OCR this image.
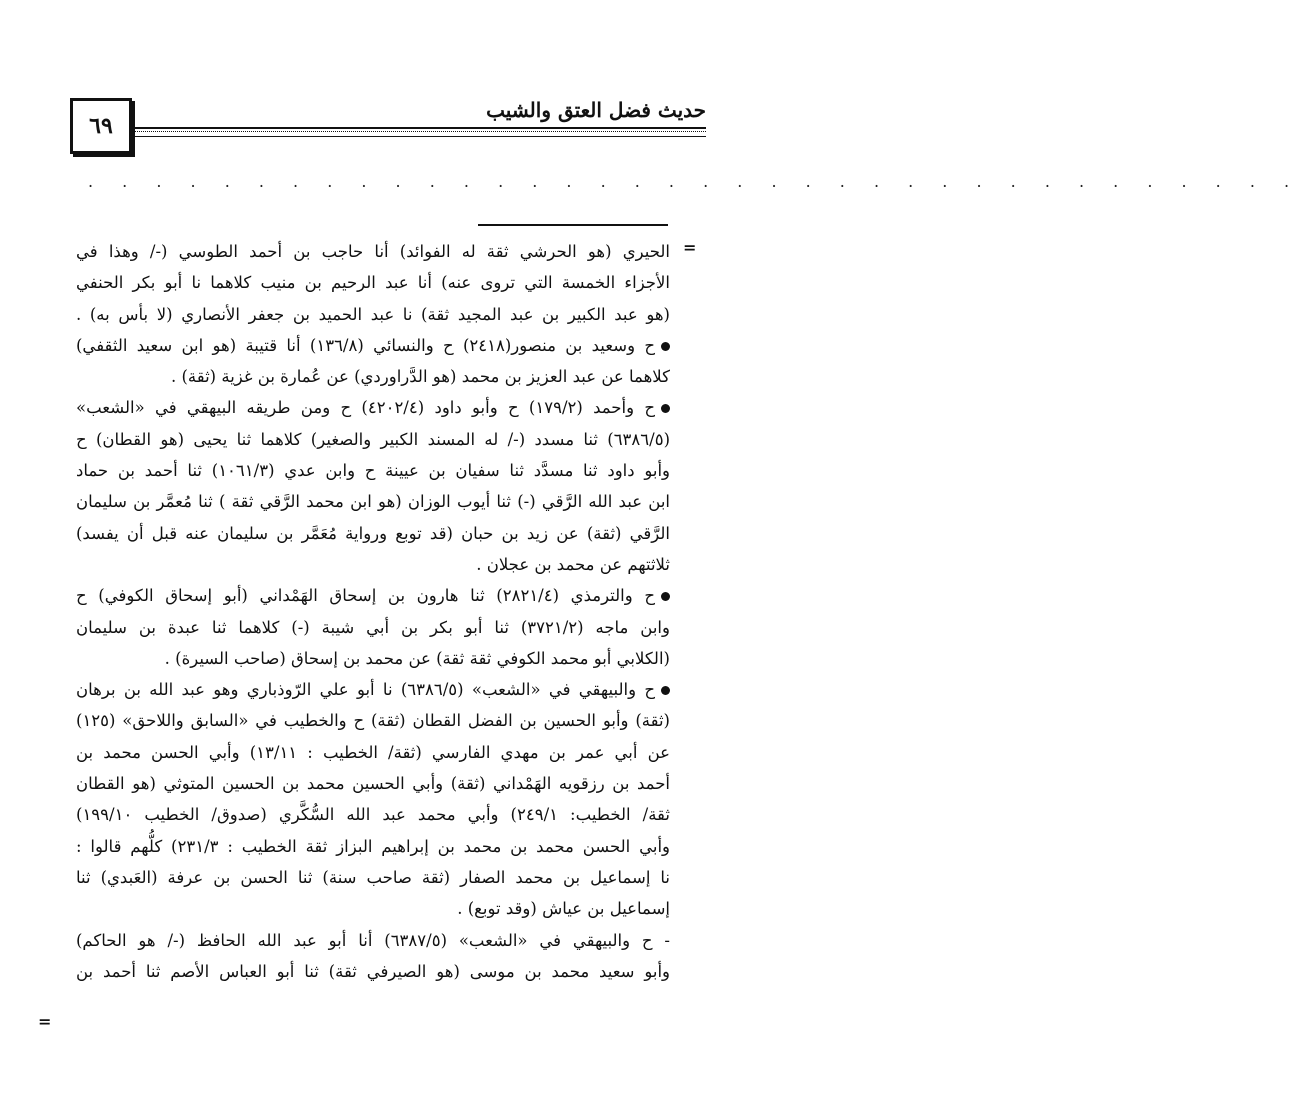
حديث فضل العتق والشيب
٦٩
. . . . . . . . . . . . . . . . . . . . . . . . . . . . . . . . . . . .
=
=
الحيري (هو الحرشي ثقة له الفوائد) أنا حاجب بن أحمد الطوسي (-/ وهذا في
الأجزاء الخمسة التي تروى عنه) أنا عبد الرحيم بن منيب كلاهما نا أبو بكر الحنفي
(هو عبد الكبير بن عبد المجيد ثقة) نا عبد الحميد بن جعفر الأنصاري (لا بأس به) .
ح وسعيد بن منصور(٢٤١٨) ح والنسائي (١٣٦/٨) أنا قتيبة (هو ابن سعيد الثقفي)
كلاهما عن عبد العزيز بن محمد (هو الدَّراوردي) عن عُمارة بن غزية (ثقة) .
ح وأحمد (١٧٩/٢) ح وأبو داود (٤٢٠٢/٤) ح ومن طريقه البيهقي في «الشعب»
(٦٣٨٦/٥) ثنا مسدد (-/ له المسند الكبير والصغير) كلاهما ثنا يحيى (هو القطان) ح
وأبو داود ثنا مسدَّد ثنا سفيان بن عيينة ح وابن عدي (١٠٦١/٣) ثنا أحمد بن حماد
ابن عبد الله الرَّقي (-) ثنا أيوب الوزان (هو ابن محمد الرَّقي ثقة ) ثنا مُعمَّر بن سليمان
الرَّقي (ثقة) عن زيد بن حبان (قد توبع ورواية مُعَمَّر بن سليمان عنه قبل أن يفسد)
ثلاثتهم عن محمد بن عجلان .
ح والترمذي (٢٨٢١/٤) ثنا هارون بن إسحاق الهَمْداني (أبو إسحاق الكوفي) ح
وابن ماجه (٣٧٢١/٢) ثنا أبو بكر بن أبي شيبة (-) كلاهما ثنا عبدة بن سليمان
(الكلابي أبو محمد الكوفي ثقة ثقة) عن محمد بن إسحاق (صاحب السيرة) .
ح والبيهقي في «الشعب» (٦٣٨٦/٥) نا أبو علي الرّوذباري وهو عبد الله بن برهان
(ثقة) وأبو الحسين بن الفضل القطان (ثقة) ح والخطيب في «السابق واللاحق» (١٢٥)
عن أبي عمر بن مهدي الفارسي (ثقة/ الخطيب : ١٣/١١) وأبي الحسن محمد بن
أحمد بن رزقويه الهَمْداني (ثقة) وأبي الحسين محمد بن الحسين المتوثي (هو القطان
ثقة/ الخطيب: ٢٤٩/١) وأبي محمد عبد الله السُّكَّري (صدوق/ الخطيب ١٩٩/١٠)
وأبي الحسن محمد بن محمد بن إبراهيم البزاز ثقة الخطيب : ٢٣١/٣) كلُّهم قالوا :
نا إسماعيل بن محمد الصفار (ثقة صاحب سنة) ثنا الحسن بن عرفة (العَبدي) ثنا
إسماعيل بن عياش (وقد توبع) .
- ح والبيهقي في «الشعب» (٦٣٨٧/٥) أنا أبو عبد الله الحافظ (-/ هو الحاكم)
وأبو سعيد محمد بن موسى (هو الصيرفي ثقة) ثنا أبو العباس الأصم ثنا أحمد بن
